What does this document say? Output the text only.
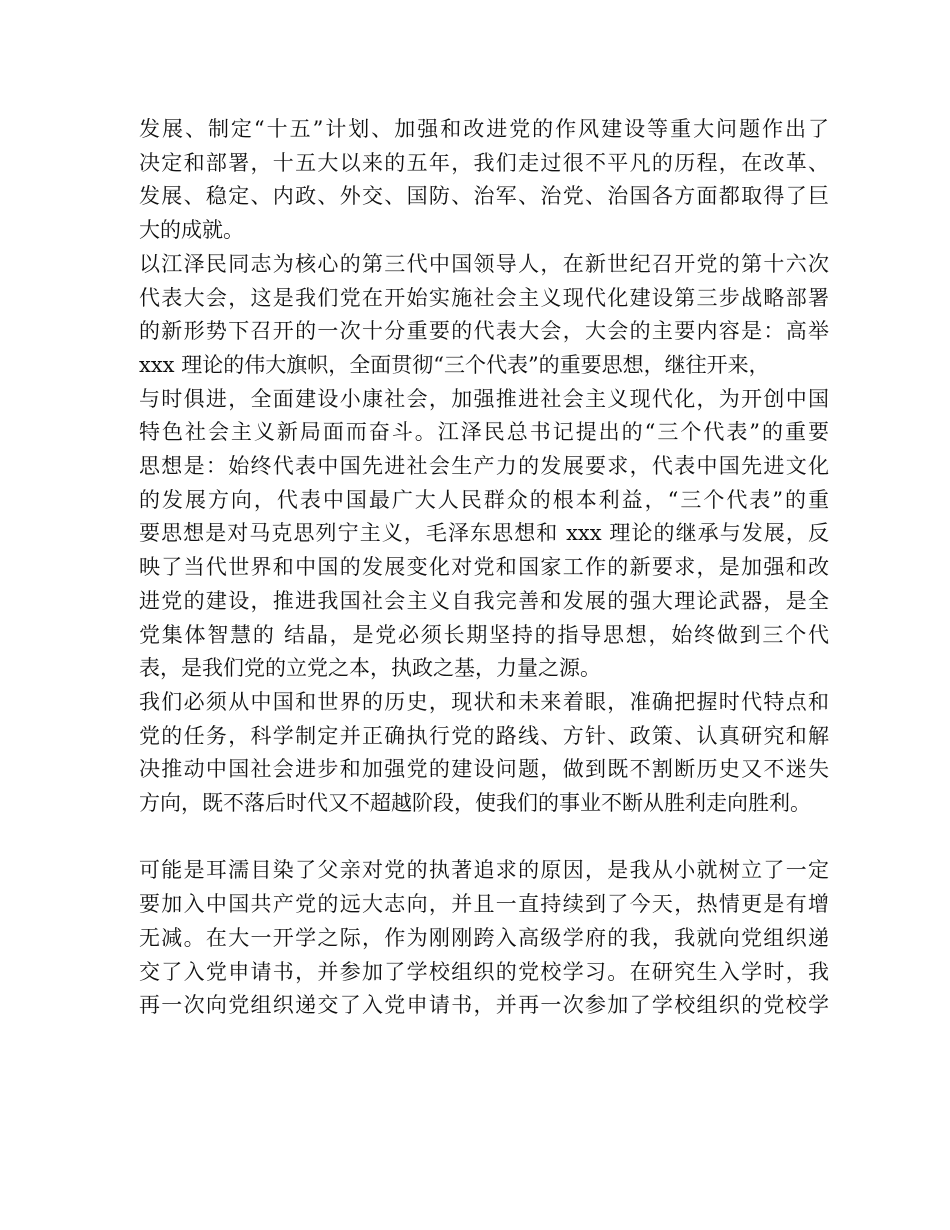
发展、制定“十五”计划、加强和改进党的作风建设等重大问题作出了
决定和部署，十五大以来的五年，我们走过很不平凡的历程，在改革、
发展、稳定、内政、外交、国防、治军、治党、治国各方面都取得了巨
大的成就。
以江泽民同志为核心的第三代中国领导人，在新世纪召开党的第十六次
代表大会，这是我们党在开始实施社会主义现代化建设第三步战略部署
的新形势下召开的一次十分重要的代表大会，大会的主要内容是：高举
xxx 理论的伟大旗帜，全面贯彻“三个代表”的重要思想，继往开来，
与时俱进，全面建设小康社会，加强推进社会主义现代化，为开创中国
特色社会主义新局面而奋斗。江泽民总书记提出的“三个代表”的重要
思想是：始终代表中国先进社会生产力的发展要求，代表中国先进文化
的发展方向，代表中国最广大人民群众的根本利益，“三个代表”的重
要思想是对马克思列宁主义，毛泽东思想和 xxx 理论的继承与发展，反
映了当代世界和中国的发展变化对党和国家工作的新要求，是加强和改
进党的建设，推进我国社会主义自我完善和发展的强大理论武器，是全
党集体智慧的 结晶，是党必须长期坚持的指导思想，始终做到三个代
表，是我们党的立党之本，执政之基，力量之源。
我们必须从中国和世界的历史，现状和未来着眼，准确把握时代特点和
党的任务，科学制定并正确执行党的路线、方针、政策、认真研究和解
决推动中国社会进步和加强党的建设问题，做到既不割断历史又不迷失
方向，既不落后时代又不超越阶段，使我们的事业不断从胜利走向胜利。
可能是耳濡目染了父亲对党的执著追求的原因，是我从小就树立了一定
要加入中国共产党的远大志向，并且一直持续到了今天，热情更是有增
无减。在大一开学之际，作为刚刚跨入高级学府的我，我就向党组织递
交了入党申请书，并参加了学校组织的党校学习。在研究生入学时，我
再一次向党组织递交了入党申请书，并再一次参加了学校组织的党校学
